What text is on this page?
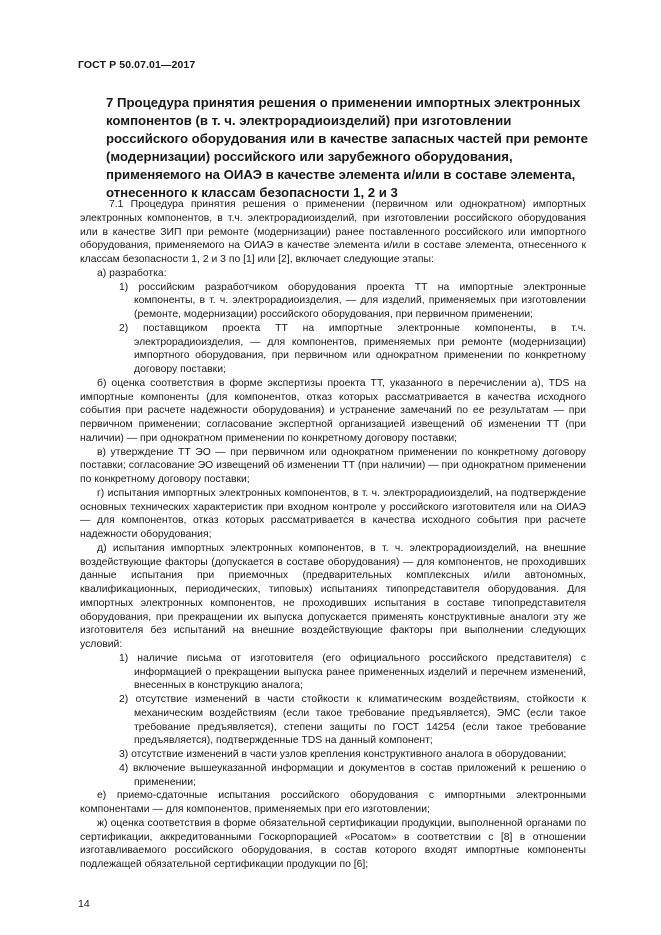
ГОСТ Р 50.07.01—2017
7 Процедура принятия решения о применении импортных электронных компонентов (в т. ч. электрорадиоизделий) при изготовлении российского оборудования или в качестве запасных частей при ремонте (модернизации) российского или зарубежного оборудования, применяемого на ОИАЭ в качестве элемента и/или в составе элемента, отнесенного к классам безопасности 1, 2 и 3

7.1 Процедура принятия решения о применении (первичном или однократном) импортных электронных компонентов, в т.ч. электрорадиоизделий, при изготовлении российского оборудования или в качестве ЗИП при ремонте (модернизации) ранее поставленного российского или импортного оборудования, применяемого на ОИАЭ в качестве элемента и/или в составе элемента, отнесенного к классам безопасности 1, 2 и 3 по [1] или [2], включает следующие этапы:

а) разработка:

1) российским разработчиком оборудования проекта ТТ на импортные электронные компоненты, в т. ч. электрорадиоизделия, — для изделий, применяемых при изготовлении (ремонте, модернизации) российского оборудования, при первичном применении;

2) поставщиком проекта ТТ на импортные электронные компоненты, в т.ч. электрорадиоизделия, — для компонентов, применяемых при ремонте (модернизации) импортного оборудования, при первичном или однократном применении по конкретному договору поставки;

б) оценка соответствия в форме экспертизы проекта ТТ, указанного в перечислении а), TDS на импортные компоненты (для компонентов, отказ которых рассматривается в качества исходного события при расчете надежности оборудования) и устранение замечаний по ее результатам — при первичном применении; согласование экспертной организацией извещений об изменении ТТ (при наличии) — при однократном применении по конкретному договору поставки;

в) утверждение ТТ ЭО — при первичном или однократном применении по конкретному договору поставки; согласование ЭО извещений об изменении ТТ (при наличии) — при однократном применении по конкретному договору поставки;

г) испытания импортных электронных компонентов, в т. ч. электрорадиоизделий, на подтверждение основных технических характеристик при входном контроле у российского изготовителя или на ОИАЭ — для компонентов, отказ которых рассматривается в качества исходного события при расчете надежности оборудования;

д) испытания импортных электронных компонентов, в т. ч. электрорадиоизделий, на внешние воздействующие факторы (допускается в составе оборудования) — для компонентов, не проходивших данные испытания при приемочных (предварительных комплексных и/или автономных, квалификационных, периодических, типовых) испытаниях типопредставителя оборудования. Для импортных электронных компонентов, не проходивших испытания в составе типопредставителя оборудования, при прекращении их выпуска допускается применять конструктивные аналоги эту же изготовителя без испытаний на внешние воздействующие факторы при выполнении следующих условий:

1) наличие письма от изготовителя (его официального российского представителя) с информацией о прекращении выпуска ранее примененных изделий и перечнем изменений, внесенных в конструкцию аналога;

2) отсутствие изменений в части стойкости к климатическим воздействиям, стойкости к механическим воздействиям (если такое требование предъявляется), ЭМС (если такое требование предъявляется), степени защиты по ГОСТ 14254 (если такое требование предъявляется), подтвержденные TDS на данный компонент;

3) отсутствие изменений в части узлов крепления конструктивного аналога в оборудовании;

4) включение вышеуказанной информации и документов в состав приложений к решению о применении;

е) приемо-сдаточные испытания российского оборудования с импортными электронными компонентами — для компонентов, применяемых при его изготовлении;

ж) оценка соответствия в форме обязательной сертификации продукции, выполненной органами по сертификации, аккредитованными Госкорпорацией «Росатом» в соответствии с [8] в отношении изготавливаемого российского оборудования, в состав которого входят импортные компоненты подлежащей обязательной сертификации продукции по [6];

14
